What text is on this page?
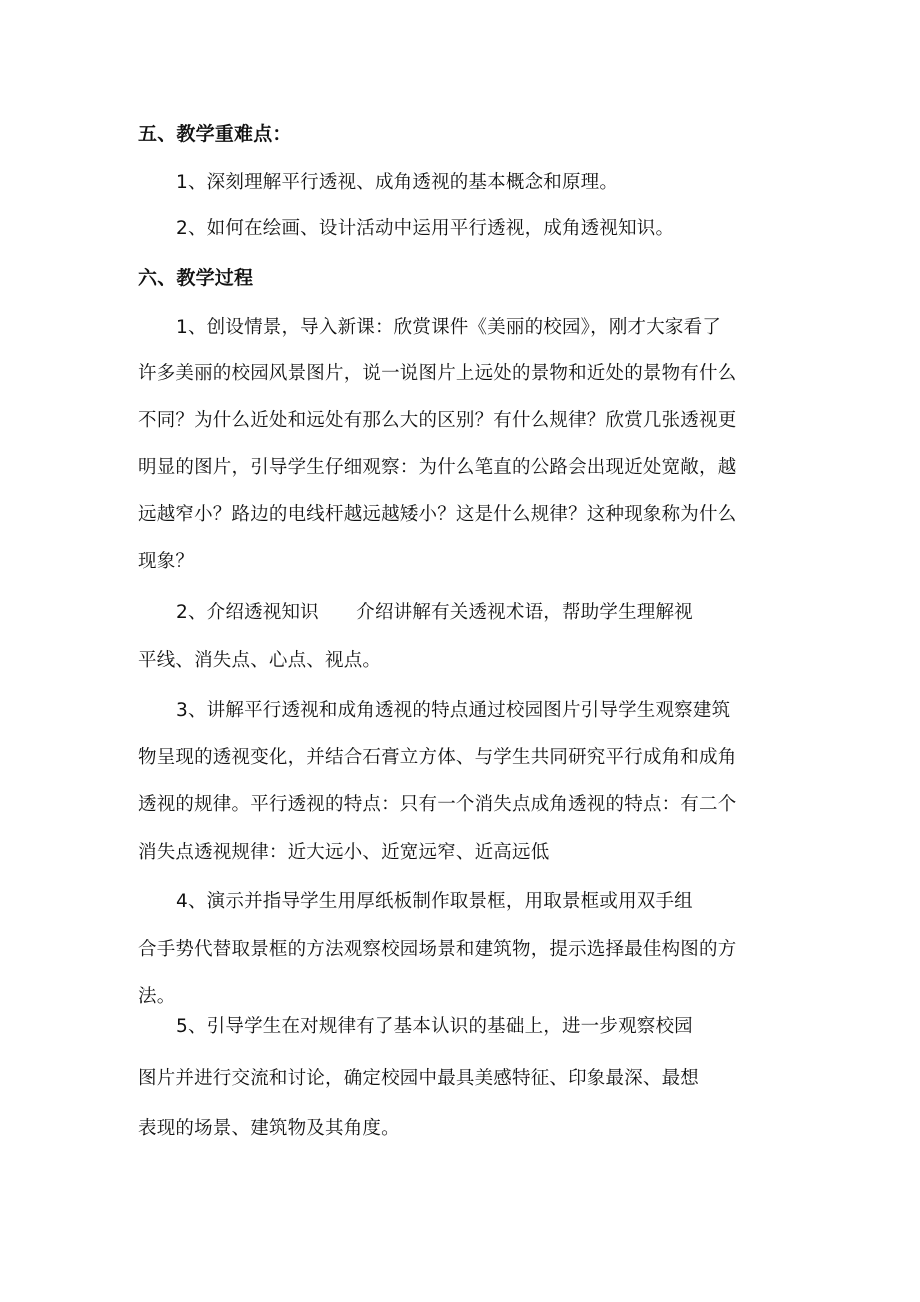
五、教学重难点：
1、深刻理解平行透视、成角透视的基本概念和原理。
2、如何在绘画、设计活动中运用平行透视，成角透视知识。
六、教学过程
1、创设情景，导入新课：欣赏课件《美丽的校园》，刚才大家看了
许多美丽的校园风景图片，说一说图片上远处的景物和近处的景物有什么
不同？为什么近处和远处有那么大的区别？有什么规律？欣赏几张透视更
明显的图片，引导学生仔细观察：为什么笔直的公路会出现近处宽敞，越
远越窄小？路边的电线杆越远越矮小？这是什么规律？这种现象称为什么
现象？
2、介绍透视知识　　介绍讲解有关透视术语，帮助学生理解视
平线、消失点、心点、视点。
3、讲解平行透视和成角透视的特点通过校园图片引导学生观察建筑
物呈现的透视变化，并结合石膏立方体、与学生共同研究平行成角和成角
透视的规律。平行透视的特点：只有一个消失点成角透视的特点：有二个
消失点透视规律：近大远小、近宽远窄、近高远低
4、演示并指导学生用厚纸板制作取景框，用取景框或用双手组
合手势代替取景框的方法观察校园场景和建筑物，提示选择最佳构图的方
法。
5、引导学生在对规律有了基本认识的基础上，进一步观察校园
图片并进行交流和讨论，确定校园中最具美感特征、印象最深、最想
表现的场景、建筑物及其角度。
